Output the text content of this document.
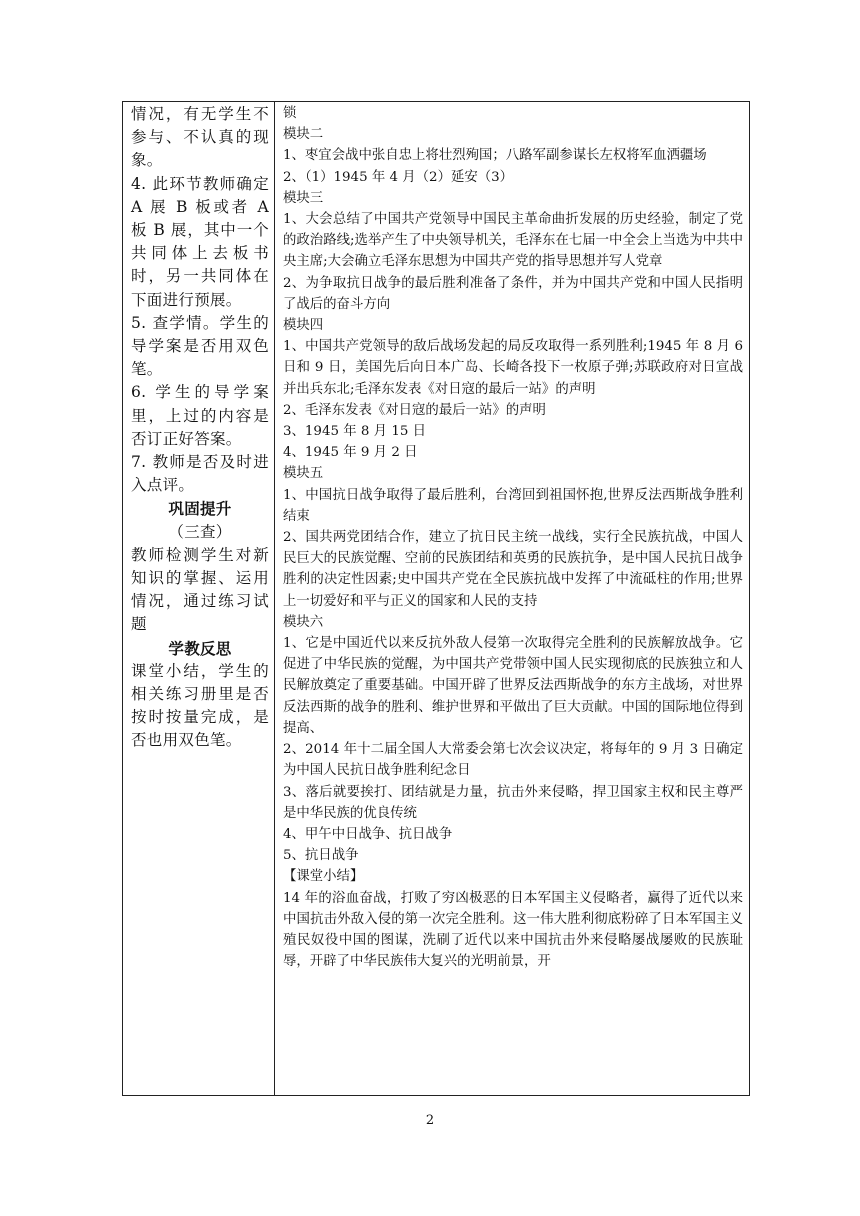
情况，有无学生不参与、不认真的现象。
4. 此环节教师确定 A 展 B 板或者 A 板 B 展，其中一个共同体上去板书时，另一共同体在下面进行预展。
5. 查学情。学生的导学案是否用双色笔。
6. 学生的导学案里，上过的内容是否订正好答案。
7. 教师是否及时进入点评。
巩固提升
（三查）
教师检测学生对新知识的掌握、运用情况，通过练习试题
学教反思
课堂小结，学生的相关练习册里是否按时按量完成，是否也用双色笔。
锁
模块二
1、枣宜会战中张自忠上将壮烈殉国；八路军副参谋长左权将军血洒疆场
2、（1）1945 年 4 月（2）延安（3）
模块三
1、大会总结了中国共产党领导中国民主革命曲折发展的历史经验，制定了党的政治路线;选举产生了中央领导机关，毛泽东在七届一中全会上当选为中共中央主席;大会确立毛泽东思想为中国共产党的指导思想并写人党章
2、为争取抗日战争的最后胜利准备了条件，并为中国共产党和中国人民指明了战后的奋斗方向
模块四
1、中国共产党领导的敌后战场发起的局反攻取得一系列胜利;1945 年 8 月 6 日和 9 日，美国先后向日本广岛、长崎各投下一枚原子弹;苏联政府对日宣战并出兵东北;毛泽东发表《对日寇的最后一站》的声明
2、毛泽东发表《对日寇的最后一站》的声明
3、1945 年 8 月 15 日
4、1945 年 9 月 2 日
模块五
1、中国抗日战争取得了最后胜利，台湾回到祖国怀抱,世界反法西斯战争胜利结束
2、国共两党团结合作，建立了抗日民主统一战线，实行全民族抗战，中国人民巨大的民族觉醒、空前的民族团结和英勇的民族抗争，是中国人民抗日战争胜利的决定性因素;史中国共产党在全民族抗战中发挥了中流砥柱的作用;世界上一切爱好和平与正义的国家和人民的支持
模块六
1、它是中国近代以来反抗外敌人侵第一次取得完全胜利的民族解放战争。它促进了中华民族的觉醒，为中国共产党带领中国人民实现彻底的民族独立和人民解放奠定了重要基础。中国开辟了世界反法西斯战争的东方主战场，对世界反法西斯的战争的胜利、维护世界和平做出了巨大贡献。中国的国际地位得到提高、
2、2014 年十二届全国人大常委会第七次会议决定，将每年的 9 月 3 日确定为中国人民抗日战争胜利纪念日
3、落后就要挨打、团结就是力量，抗击外来侵略，捍卫国家主权和民主尊严是中华民族的优良传统
4、甲午中日战争、抗日战争
5、抗日战争
【课堂小结】
14 年的浴血奋战，打败了穷凶极恶的日本军国主义侵略者，赢得了近代以来中国抗击外敌入侵的第一次完全胜利。这一伟大胜利彻底粉碎了日本军国主义殖民奴役中国的图谋，洗刷了近代以来中国抗击外来侵略屡战屡败的民族耻辱，开辟了中华民族伟大复兴的光明前景，开
2
